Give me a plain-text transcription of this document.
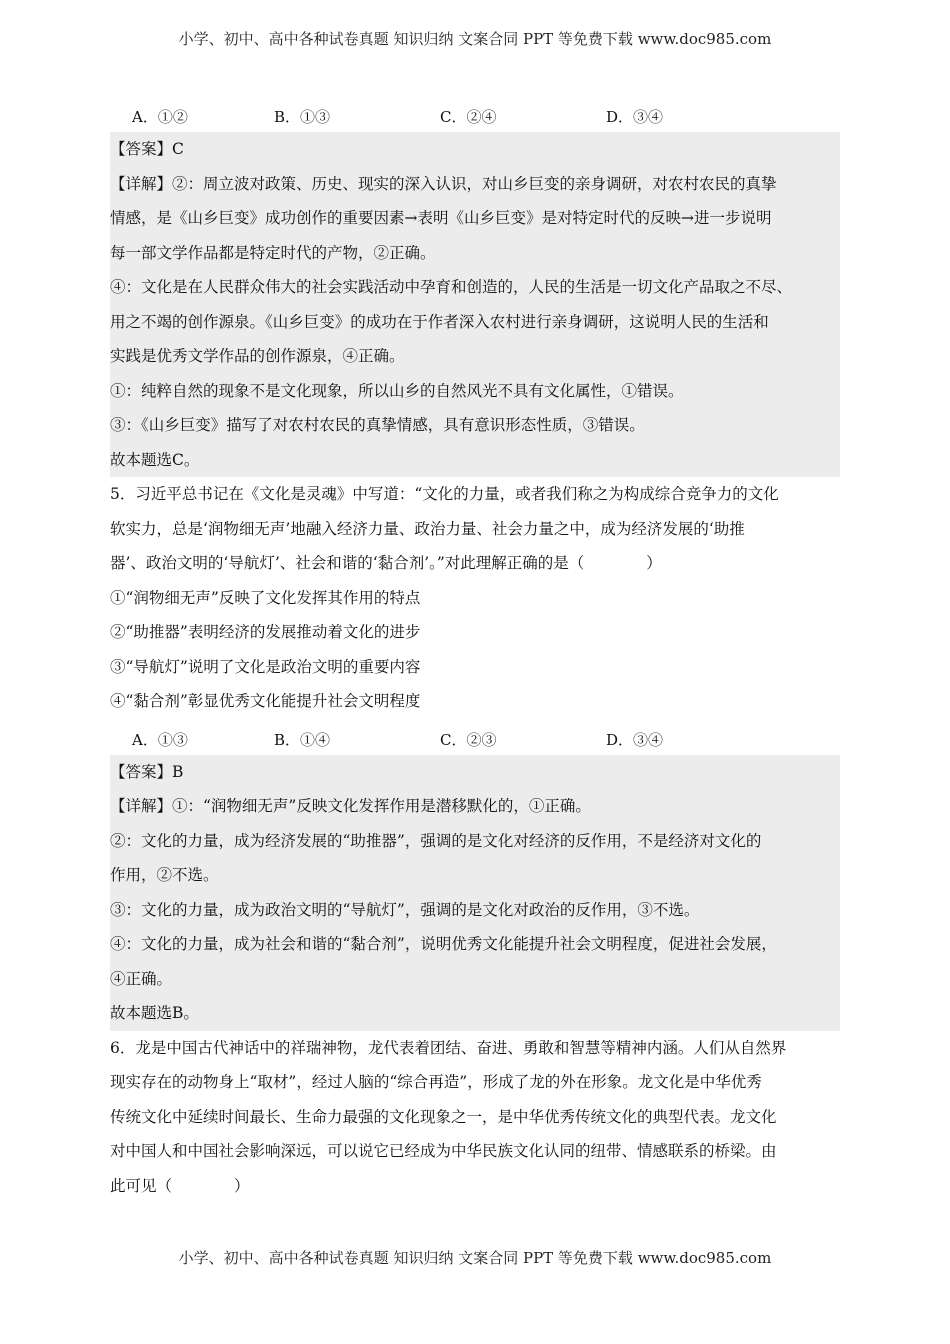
小学、初中、高中各种试卷真题 知识归纳 文案合同 PPT 等免费下载 www.doc985.com
A．①②	B．①③	C．②④	D．③④

【答案】C

【详解】②：周立波对政策、历史、现实的深入认识，对山乡巨变的亲身调研，对农村农民的真挚

情感，是《山乡巨变》成功创作的重要因素→表明《山乡巨变》是对特定时代的反映→进一步说明

每一部文学作品都是特定时代的产物，②正确。

④：文化是在人民群众伟大的社会实践活动中孕育和创造的，人民的生活是一切文化产品取之不尽、

用之不竭的创作源泉。《山乡巨变》的成功在于作者深入农村进行亲身调研，这说明人民的生活和

实践是优秀文学作品的创作源泉，④正确。

①：纯粹自然的现象不是文化现象，所以山乡的自然风光不具有文化属性，①错误。

③：《山乡巨变》描写了对农村农民的真挚情感，具有意识形态性质，③错误。

故本题选C。

5．习近平总书记在《文化是灵魂》中写道：“文化的力量，或者我们称之为构成综合竞争力的文化

软实力，总是‘润物细无声’地融入经济力量、政治力量、社会力量之中，成为经济发展的‘助推

器’、政治文明的‘导航灯’、社会和谐的‘黏合剂’。”对此理解正确的是（　　　　）

①“润物细无声”反映了文化发挥其作用的特点

②“助推器”表明经济的发展推动着文化的进步

③“导航灯”说明了文化是政治文明的重要内容

④“黏合剂”彰显优秀文化能提升社会文明程度

A．①③	B．①④	C．②③	D．③④

【答案】B

【详解】①：“润物细无声”反映文化发挥作用是潜移默化的，①正确。

②：文化的力量，成为经济发展的“助推器”，强调的是文化对经济的反作用，不是经济对文化的

作用，②不选。

③：文化的力量，成为政治文明的“导航灯”，强调的是文化对政治的反作用，③不选。

④：文化的力量，成为社会和谐的“黏合剂”，说明优秀文化能提升社会文明程度，促进社会发展，

④正确。

故本题选B。

6．龙是中国古代神话中的祥瑞神物，龙代表着团结、奋进、勇敢和智慧等精神内涵。人们从自然界

现实存在的动物身上“取材”，经过人脑的“综合再造”，形成了龙的外在形象。龙文化是中华优秀

传统文化中延续时间最长、生命力最强的文化现象之一，是中华优秀传统文化的典型代表。龙文化

对中国人和中国社会影响深远，可以说它已经成为中华民族文化认同的纽带、情感联系的桥梁。由

此可见（　　　　）

小学、初中、高中各种试卷真题 知识归纳 文案合同 PPT 等免费下载 www.doc985.com
